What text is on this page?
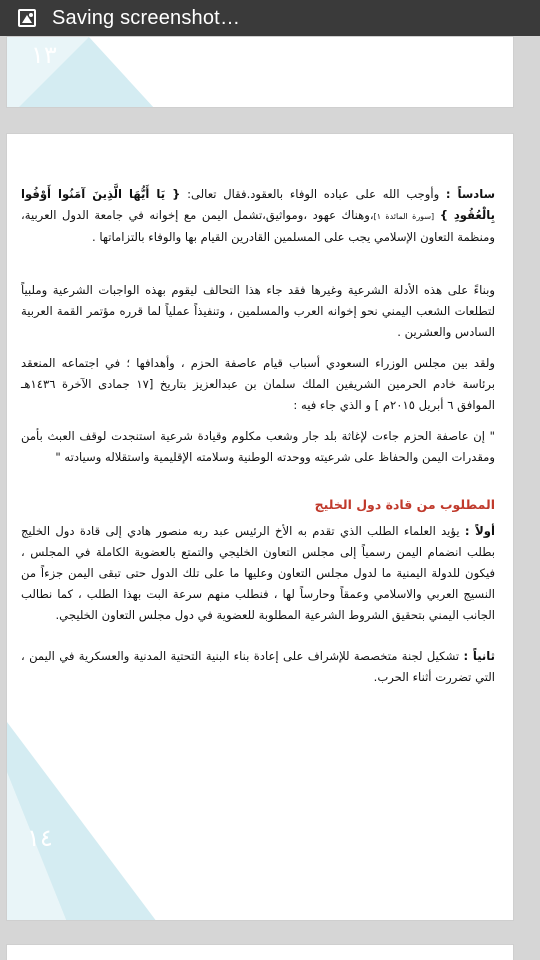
Saving screenshot…
١٣

سادساً : وأوجب الله على عباده الوفاء بالعقود.فقال تعالى: { يَا أَيُّهَا الَّذِينَ آمَنُوا أَوْفُوا بِالْعُقُودِ } [سورة المائدة ١]،وهناك عهود ،ومواثيق،تشمل اليمن مع إخوانه في جامعة الدول العربية، ومنظمة التعاون الإسلامي يجب على المسلمين القادرين القيام بها والوفاء بالتزاماتها .

وبناءً على هذه الأدلة الشرعية وغيرها فقد جاء هذا التحالف ليقوم بهذه الواجبات الشرعية وملبياً لتطلعات الشعب اليمني نحو إخوانه العرب والمسلمين ، وتنفيذاً عملياً لما قرره مؤتمر القمة العربية السادس والعشرين .

ولقد بين مجلس الوزراء السعودي أسباب قيام عاصفة الحزم ، وأهدافها ؛ في اجتماعه المنعقد برئاسة خادم الحرمين الشريفين الملك سلمان بن عبدالعزيز بتاريخ [١٧ جمادى الآخرة ١٤٣٦هـ الموافق ٦ أبريل ٢٠١٥م ] و الذي جاء فيه :

" إن عاصفة الحزم جاءت لإغاثة بلد جار وشعب مكلوم وقيادة شرعية استنجدت لوقف العبث بأمن ومقدرات اليمن والحفاظ على شرعيته ووحدته الوطنية وسلامته الإقليمية واستقلاله وسيادته "

المطلوب من قادة دول الخليج

أولاً : يؤيد العلماء الطلب الذي تقدم به الأخ الرئيس عبد ربه منصور هادي إلى قادة دول الخليج بطلب انضمام اليمن رسمياً إلى مجلس التعاون الخليجي والتمتع بالعضوية الكاملة في المجلس ، فيكون للدولة اليمنية ما لدول مجلس التعاون وعليها ما على تلك الدول حتى تبقى اليمن جزءاً من النسيج العربي والاسلامي وعمقاً وحارساً لها ، فنطلب منهم سرعة البت بهذا الطلب ، كما نطالب الجانب اليمني بتحقيق الشروط الشرعية المطلوبة للعضوية في دول مجلس التعاون الخليجي.

ثانياً : تشكيل لجنة متخصصة للإشراف على إعادة بناء البنية التحتية المدنية والعسكرية في اليمن ، التي تضررت أثناء الحرب.

١٤
